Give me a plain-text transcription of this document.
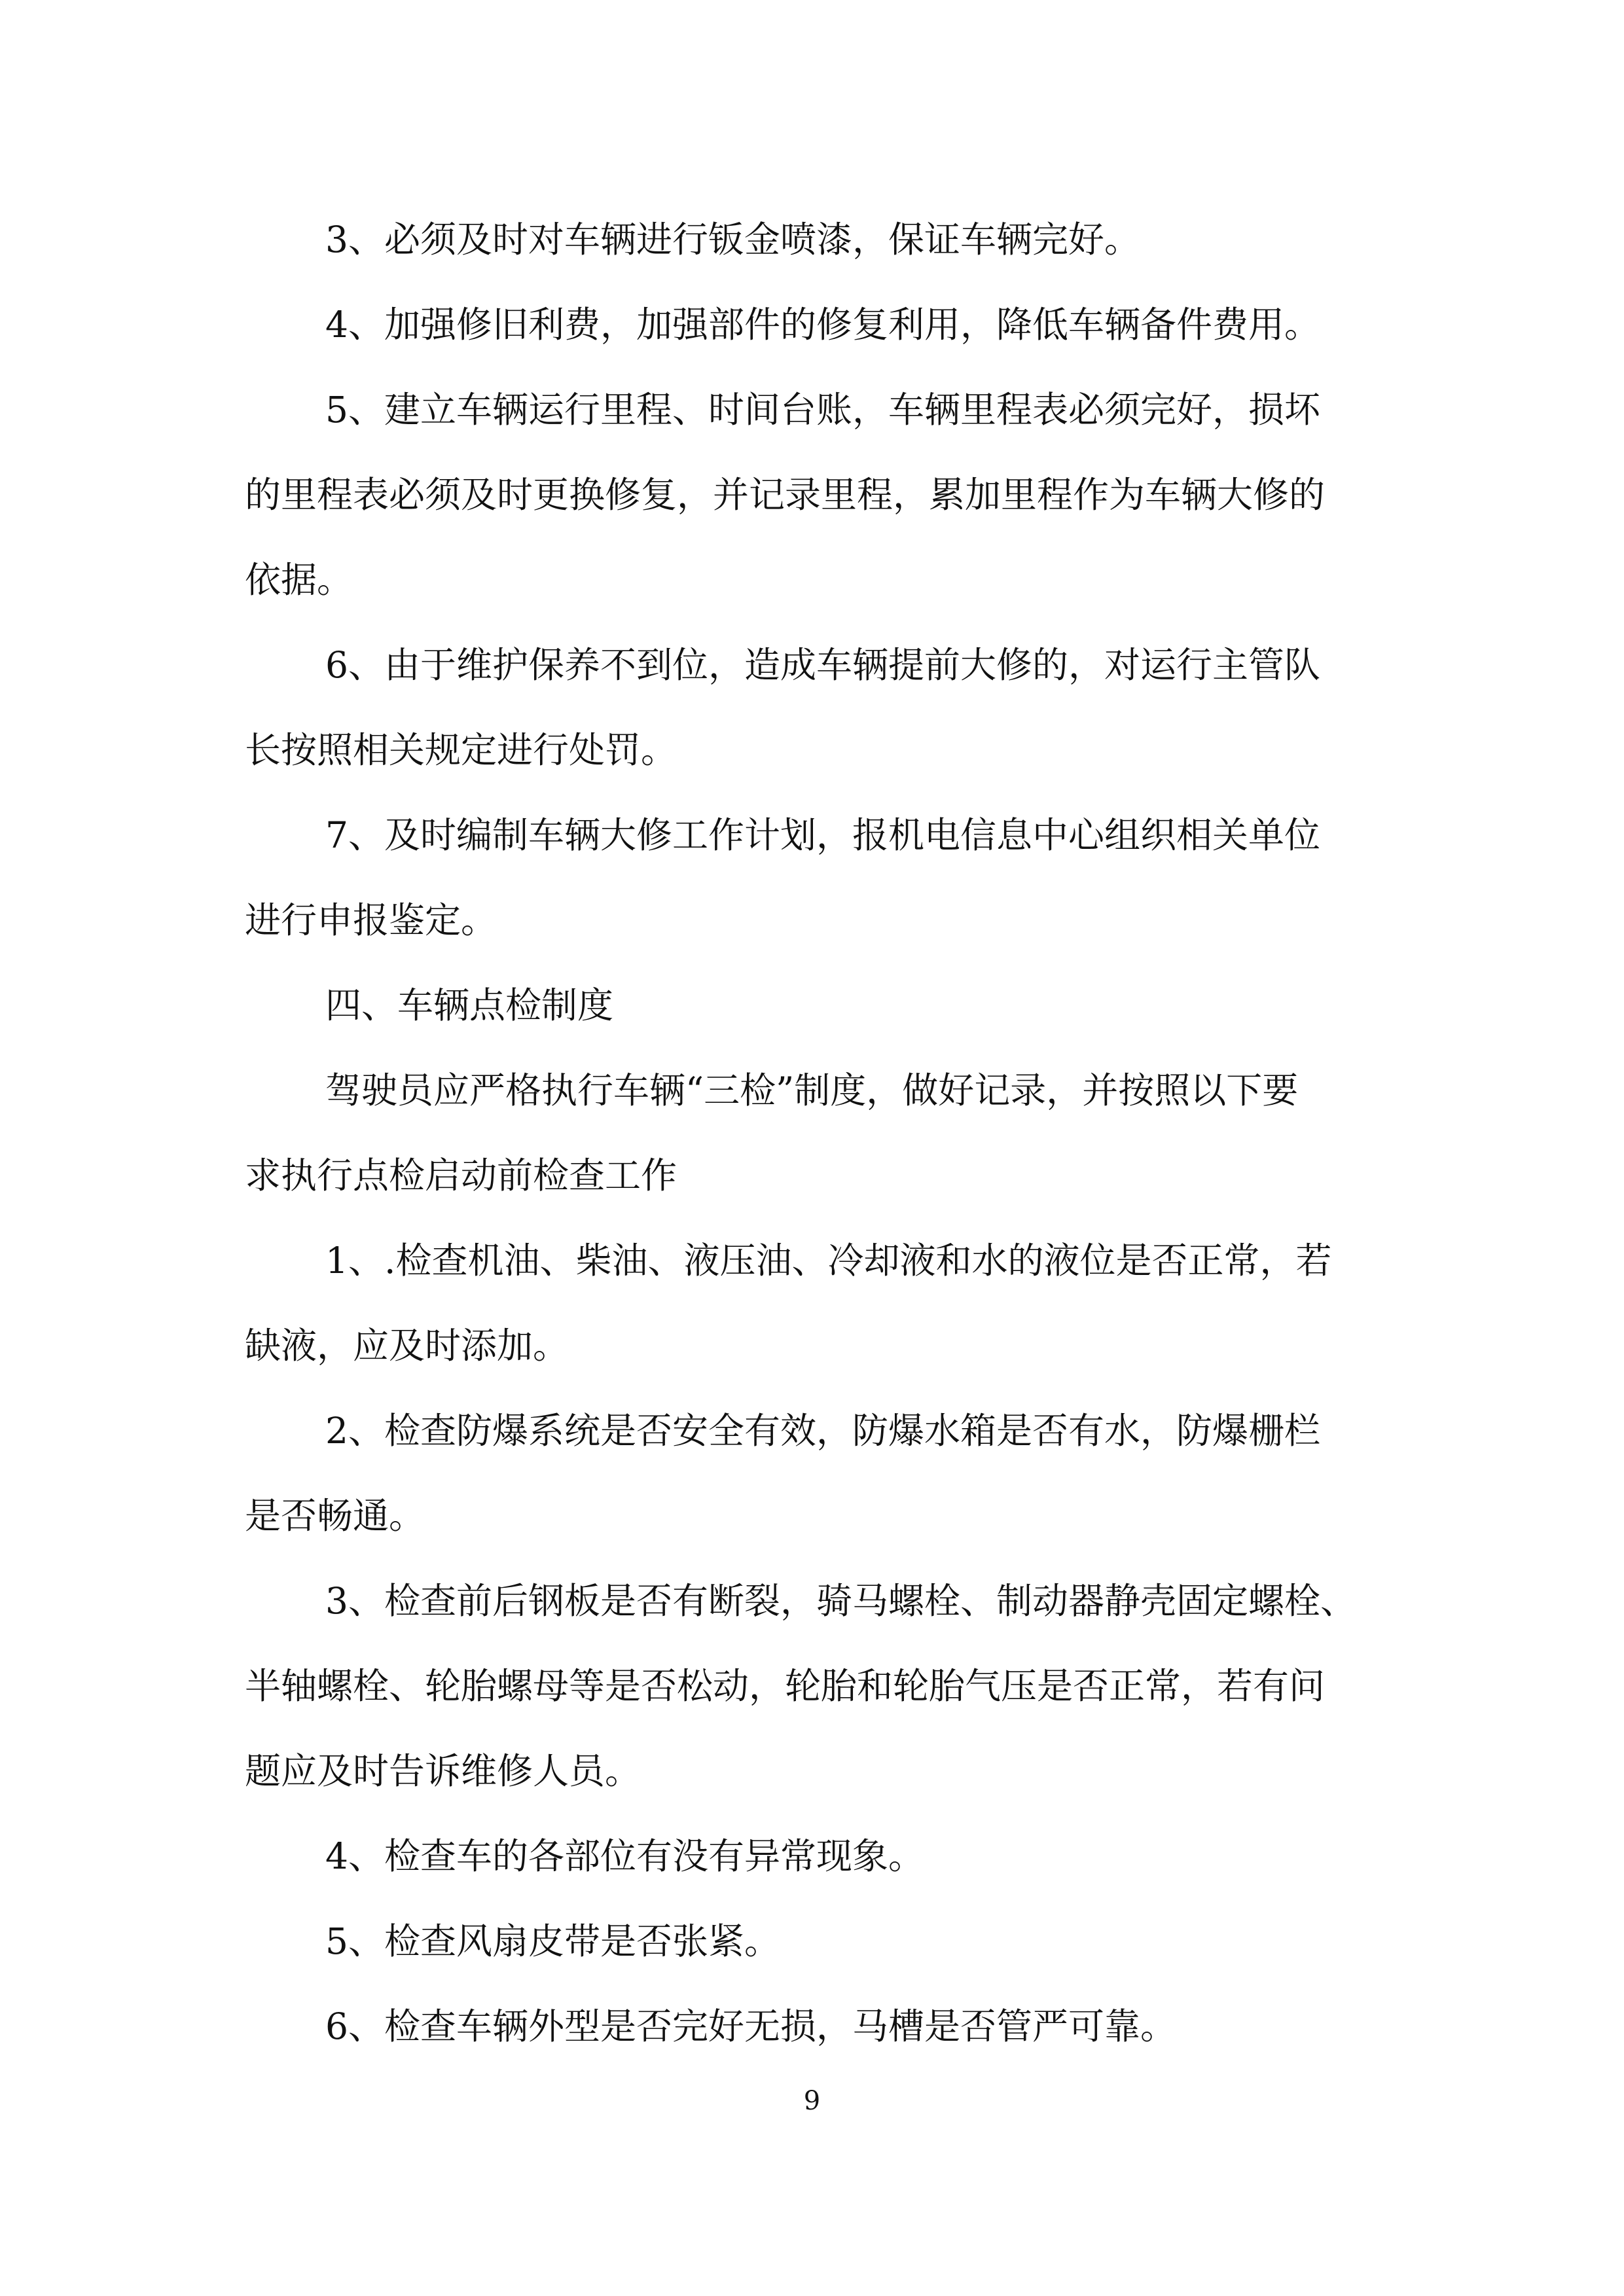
3、必须及时对车辆进行钣金喷漆，保证车辆完好。
4、加强修旧利费，加强部件的修复利用，降低车辆备件费用。
5、建立车辆运行里程、时间台账，车辆里程表必须完好，损坏
的里程表必须及时更换修复，并记录里程，累加里程作为车辆大修的
依据。
6、由于维护保养不到位，造成车辆提前大修的，对运行主管队
长按照相关规定进行处罚。
7、及时编制车辆大修工作计划，报机电信息中心组织相关单位
进行申报鉴定。
四、车辆点检制度
驾驶员应严格执行车辆“三检”制度，做好记录，并按照以下要
求执行点检启动前检查工作
1、.检查机油、柴油、液压油、冷却液和水的液位是否正常，若
缺液，应及时添加。
2、检查防爆系统是否安全有效，防爆水箱是否有水，防爆栅栏
是否畅通。
3、检查前后钢板是否有断裂，骑马螺栓、制动器静壳固定螺栓、
半轴螺栓、轮胎螺母等是否松动，轮胎和轮胎气压是否正常，若有问
题应及时告诉维修人员。
4、检查车的各部位有没有异常现象。
5、检查风扇皮带是否张紧。
6、检查车辆外型是否完好无损，马槽是否管严可靠。
9
